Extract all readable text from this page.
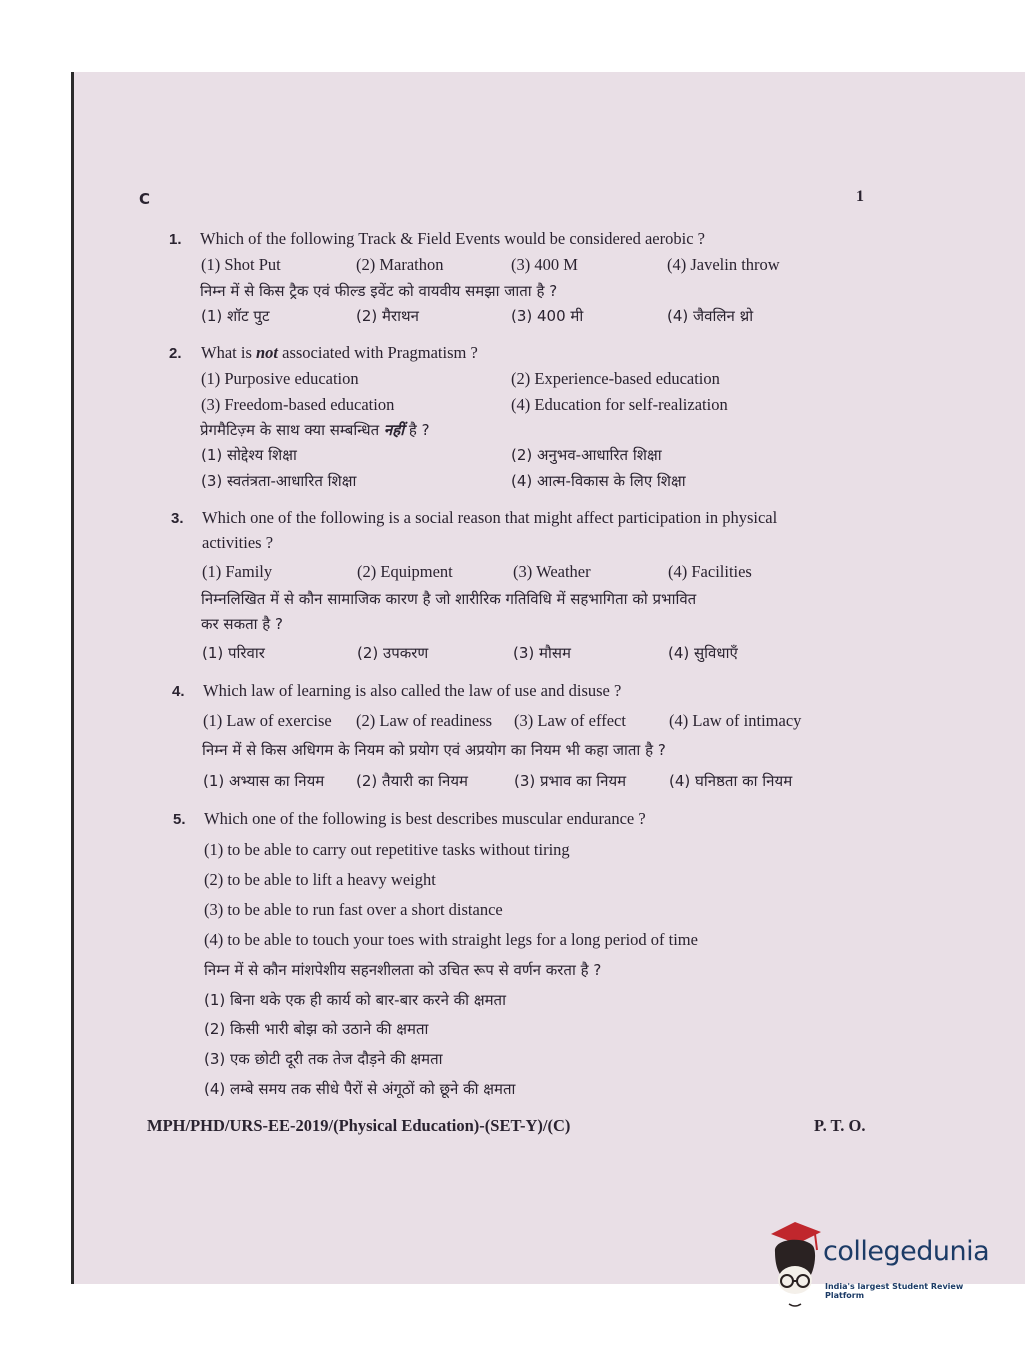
C	1
1. Which of the following Track & Field Events would be considered aerobic ?
(1) Shot Put	(2) Marathon	(3) 400 M	(4) Javelin throw
निम्न में से किस ट्रैक एवं फील्ड इवेंट को वायवीय समझा जाता है ?
(1) शॉट पुट	(2) मैराथन	(3) 400 मी	(4) जैवलिन थ्रो
2. What is not associated with Pragmatism ?
(1) Purposive education	(2) Experience-based education
(3) Freedom-based education	(4) Education for self-realization
प्रेगमैटिज़्म के साथ क्या सम्बन्धित नहीं है ?
(1) सोद्देश्य शिक्षा	(2) अनुभव-आधारित शिक्षा
(3) स्वतंत्रता-आधारित शिक्षा	(4) आत्म-विकास के लिए शिक्षा
3. Which one of the following is a social reason that might affect participation in physical
activities ?
(1) Family	(2) Equipment	(3) Weather	(4) Facilities
निम्नलिखित में से कौन सामाजिक कारण है जो शारीरिक गतिविधि में सहभागिता को प्रभावित
कर सकता है ?
(1) परिवार	(2) उपकरण	(3) मौसम	(4) सुविधाएँ
4. Which law of learning is also called the law of use and disuse ?
(1) Law of exercise (2) Law of readiness (3) Law of effect	(4) Law of intimacy
निम्न में से किस अधिगम के नियम को प्रयोग एवं अप्रयोग का नियम भी कहा जाता है ?
(1) अभ्यास का नियम (2) तैयारी का नियम	(3) प्रभाव का नियम	(4) घनिष्ठता का नियम
5. Which one of the following is best describes muscular endurance ?
(1) to be able to carry out repetitive tasks without tiring
(2) to be able to lift a heavy weight
(3) to be able to run fast over a short distance
(4) to be able to touch your toes with straight legs for a long period of time
निम्न में से कौन मांशपेशीय सहनशीलता को उचित रूप से वर्णन करता है ?
(1) बिना थके एक ही कार्य को बार-बार करने की क्षमता
(2) किसी भारी बोझ को उठाने की क्षमता
(3) एक छोटी दूरी तक तेज दौड़ने की क्षमता
(4) लम्बे समय तक सीधे पैरों से अंगूठों को छूने की क्षमता
MPH/PHD/URS-EE-2019/(Physical Education)-(SET-Y)/(C)	P. T. O.
collegedunia
India's largest Student Review Platform
